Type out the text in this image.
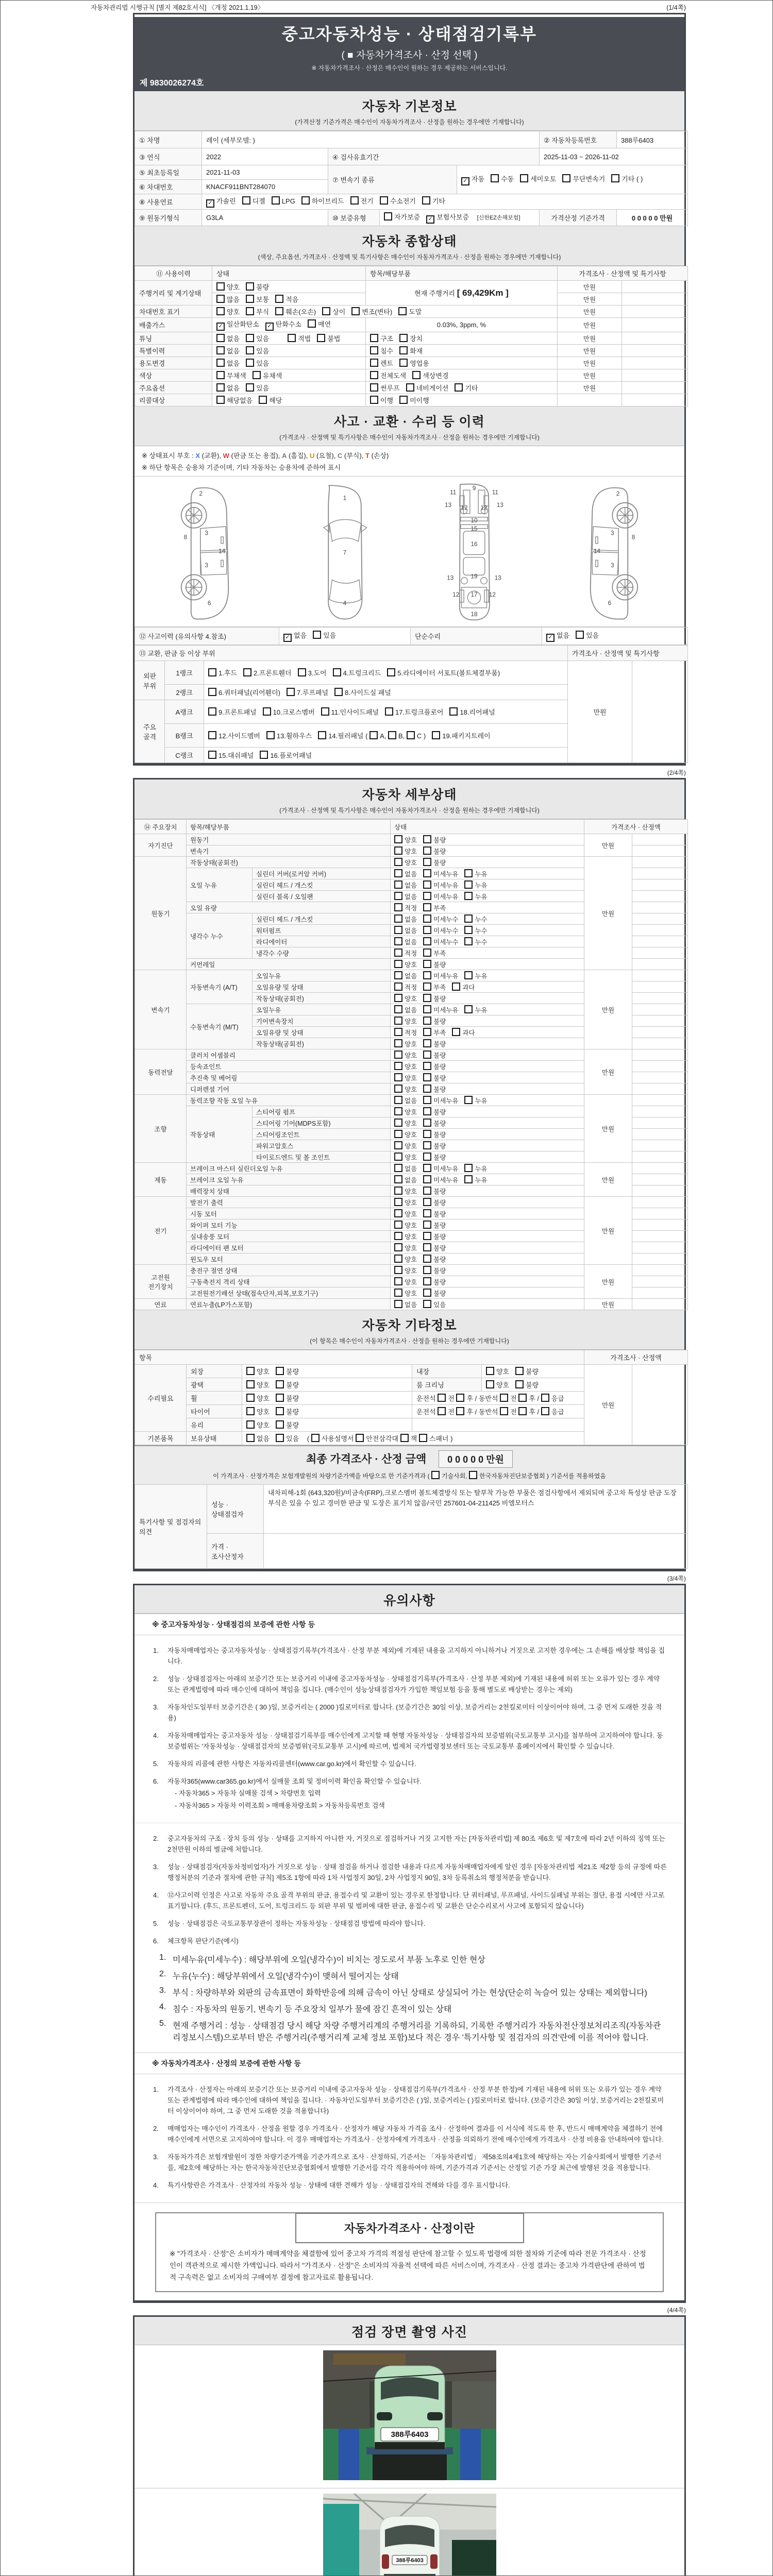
자동차관리법 시행규칙 [별지 제82호서식] 〈개정 2021.1.19〉	(1/4쪽)
중고자동차성능 · 상태점검기록부
( ■ 자동차가격조사 · 산정 선택 )
※ 자동차가격조사 · 산정은 매수인이 원하는 경우 제공하는 서비스입니다.
제 9830026274호
자동차 기본정보
(가격산정 기준가격은 매수인이 자동차가격조사 · 산정을 원하는 경우에만 기재합니다)
① 차명	레이 (세부모델: )				② 자동차등록번호	388루6403
③ 연식	2022	④ 검사유효기간			2025-11-03 ~ 2026-11-02	
⑤ 최초등록일	2021-11-03	⑦ 변속기 종류		✓ 자동 수동 세미오토 무단변속기 기타 ( )		
⑥ 차대번호	KNACF911BNT284070					
⑧ 사용연료	✓ 가솔린 디젤 LPG 하이브리드 전기 수소전기 기타					
⑨ 원동기형식	G3LA	⑩ 보증유형	자가보증 ✓ 보험사보증 [신한EZ손해보험]		가격산정 기준가격	0 0 0 0 0 만원
자동차 종합상태
(색상, 주요옵션, 가격조사 · 산정액 및 특기사항은 매수인이 자동차가격조사 · 산정을 원하는 경우에만 기재합니다)
⑪ 사용이력	상태	항목/해당부품	가격조사 · 산정액 및 특기사항	
주행거리 및 계기상태	양호 불량	현재 주행거리 [ 69,429Km ]	만원	
	많음 보통 적음		만원	
차대번호 표기	양호 부식 훼손(오손) 상이 변조(변타) 도말		만원	
배출가스	✓ 일산화탄소 ✓ 탄화수소 매연	0.03%, 3ppm, %	만원	
튜닝	없음 있음 적법 불법	구조 장치	만원	
특별이력	없음 있음	침수 화재	만원	
용도변경	없음 있음	렌트 영업용	만원	
색상	무채색 유채색	전체도색 색상변경	만원	
주요옵션	없음 있음	썬루프 네비게이션 기타	만원	
리콜대상	해당없음 해당	이행 미이행		
사고 · 교환 · 수리 등 이력
(가격조사 · 산정액 및 특기사항은 매수인이 자동차가격조사 · 산정을 원하는 경우에만 기재합니다)
※ 상태표시 부호 : X (교환), W (판금 또는 용접), A (흠집), U (요철), C (부식), T (손상)
※ 하단 항목은 승용차 기준이며, 기타 자동차는 승용차에 준하여 표시
2
8
3
3
14
6
1
7
4
9
11	11
13	13
12 12
10
15
16
19
13	13
12 17 12
18
2
8
3
3
14
6
⑫ 사고이력 (유의사항 4.참조)	✓ 없음 있음	단순수리	✓ 없음 있음
⑬ 교환, 판금 등 이상 부위			가격조사 · 산정액 및 특기사항	
외판 부위	1랭크	1.후드 2.프론트휀더 3.도어 4.트렁크리드 5.라디에이터 서포트(볼트체결부품)	만원	
	2랭크	6.쿼터패널(리어휀더) 7.루프패널 8.사이드실 패널		
주요 골격	A랭크	9.프론트패널 10.크로스멤버 11.인사이드패널 17.트렁크플로어 18.리어패널		
	B랭크	12.사이드멤버 13.휠하우스 14.필러패널 ( A, B, C ) 19.패키지트레이		
	C랭크	15.대쉬패널 16.플로어패널		
(2/4쪽)
자동차 세부상태
(가격조사 · 산정액 및 특기사항은 매수인이 자동차가격조사 · 산정을 원하는 경우에만 기재합니다)
⑭ 주요장치	항목/해당부품		상태	가격조사 · 산정액	
자기진단	원동기		양호 불량	만원	
	변속기		양호 불량		
원동기	작동상태(공회전)		양호 불량	만원	
	오일 누유	실린더 커버(로커암 커버)	없음 미세누유 누유		
		실린더 헤드 / 개스킷	없음 미세누유 누유		
		실린더 블록 / 오일팬	없음 미세누유 누유		
	오일 유량		적정 부족		
	냉각수 누수	실린더 헤드 / 개스킷	없음 미세누수 누수		
		워터펌프	없음 미세누수 누수		
		라디에이터	없음 미세누수 누수		
		냉각수 수량	적정 부족		
	커먼레일		양호 불량		
변속기	자동변속기 (A/T)	오일누유	없음 미세누유 누유	만원	
		오일유량 및 상태	적정 부족 과다		
		작동상태(공회전)	양호 불량		
	수동변속기 (M/T)	오일누유	없음 미세누유 누유		
		기어변속장치	양호 불량		
		오일유량 및 상태	적정 부족 과다		
		작동상태(공회전)	양호 불량		
동력전달	클러치 어셈블리		양호 불량	만원	
	등속죠인트		양호 불량		
	추진축 및 베어링		양호 불량		
	디퍼렌셜 기어		양호 불량		
조향	동력조향 작동 오일 누유		없음 미세누유 누유	만원	
	작동상태	스티어링 펌프	양호 불량		
		스티어링 기어(MDPS포함)	양호 불량		
		스티어링조인트	양호 불량		
		파워고압호스	양호 불량		
		타이로드엔드 및 볼 조인트	양호 불량		
제동	브레이크 마스터 실린더오일 누유		없음 미세누유 누유	만원	
	브레이크 오일 누유		없음 미세누유 누유		
	배력장치 상태		양호 불량		
전기	발전기 출력		양호 불량	만원	
	시동 모터		양호 불량		
	와이퍼 모터 기능		양호 불량		
	실내송풍 모터		양호 불량		
	라디에이터 팬 모터		양호 불량		
	윈도우 모터		양호 불량		
고전원 전기장치	충전구 절연 상태		양호 불량	만원	
	구동축전지 격리 상태		양호 불량		
	고전원전기배선 상태(접속단자,피복,보호기구)		양호 불량		
연료	연료누출(LP가스포함)		없음 있음	만원	
자동차 기타정보
(이 항목은 매수인이 자동차가격조사 · 산정을 원하는 경우에만 기재합니다)
항목					가격조사 · 산정액	
수리필요	외장	양호 불량	내장	양호 불량	만원	
	광택	양호 불량	룸 크리닝	양호 불량		
	휠	양호 불량	운전석 전 후 / 동반석 전 후 / 응급			
	타이어	양호 불량	운전석 전 후 / 동반석 전 후 / 응급			
	유리	양호 불량				
기본품목	보유상태	없음 있음 ( 사용설명서 안전삼각대 잭 스패너 )				
최종 가격조사 · 산정 금액 0 0 0 0 0 만원
이 가격조사 · 산정가격은 보험개발원의 차량기준가액을 바탕으로 한 기준가격과 ( 기술사회, 한국자동차진단보증협회 ) 기준서를 적용하였음
특기사항 및 점검자의 의견	성능 · 상태점검자	내차피해-1회 (643,320원)/비금속(FRP),크로스멤버 볼트체결방식 또는 탈부착 가능한 부품은 점검사항에서 제외되며 중고차 특성상 판금 도장 부식은 있을 수 있고 경미한 판금 및 도장은 표기치 않음/국민 257601-04-211425 비엠모터스
	가격 · 조사산정자	
(3/4쪽)
유의사항
※ 중고자동차성능 · 상태점검의 보증에 관한 사항 등
1. 자동차매매업자는 중고자동차성능 · 상태점검기록부(가격조사 · 산정 부분 제외)에 기재된 내용을 고지하지 아니하거나 거짓으로 고지한 경우에는 그 손해를 배상할 책임을 집니다.
2. 성능 · 상태점검자는 아래의 보증기간 또는 보증거리 이내에 중고자동차성능 · 상태점검기록부(가격조사 · 산정 부분 제외)에 기재된 내용에 허위 또는 오류가 있는 경우 계약 또는 관계법령에 따라 매수인에 대하여 책임을 집니다. (매수인이 성능상태점검자가 가입한 책임보험 등을 통해 별도로 배상받는 경우는 제외)
3. 자동차인도일부터 보증기간은 ( 30 )일, 보증거리는 ( 2000 )킬로미터로 합니다. (보증기간은 30일 이상, 보증거리는 2천킬로미터 이상이어야 하며, 그 중 먼저 도래한 것을 적용)
4. 자동차매매업자는 중고자동차 성능 · 상태점검기록부를 매수인에게 고지할 때 현행 자동차성능 · 상태점검자의 보증범위(국토교통부 고시)를 첨부하여 고지하여야 합니다. 동 보증범위는 '자동차성능 · 상태점검자의 보증범위'(국토교통부 고시)에 따르며, 법제처 국가법령정보센터 또는 국토교통부 홈페이지에서 확인할 수 있습니다.
5. 자동차의 리콜에 관한 사항은 자동차리콜센터(www.car.go.kr)에서 확인할 수 있습니다.
6. 자동차365(www.car365.go.kr)에서 실매물 조회 및 정비이력 확인을 확인할 수 있습니다.
- 자동차365 > 자동차 실매물 검색 > 차량번호 입력
- 자동차365 > 자동차 이력조회 > 매매용차량조회 > 자동차등록번호 검색
2. 중고자동차의 구조 · 장치 등의 성능 · 상태를 고지하지 아니한 자, 거짓으로 점검하거나 거짓 고지한 자는 [자동차관리법] 제 80조 제6호 및 제7호에 따라 2년 이하의 징역 또는 2천만원 이하의 벌금에 처합니다.
3. 성능 · 상태점검자(자동차정비업자)가 거짓으로 성능 · 상태 점검을 하거나 점검한 내용과 다르게 자동차매매업자에게 알린 경우 [자동차관리법 제21조 제2항 등의 규정에 따른 행정처분의 기준과 절차에 관한 규칙] 제5조 1항에 따라 1차 사업정지 30일, 2차 사업정지 90일, 3차 등록취소의 행정처분을 받습니다.
4. ⑫사고이력 인정은 사고로 자동차 주요 골격 부위의 판금, 용접수리 및 교환이 있는 경우로 한정합니다. 단 쿼터패널, 루프패널, 사이드실패널 부위는 절단, 용접 시에만 사고로 표기합니다. (후드, 프론트펜더, 도어, 트렁크리드 등 외판 부위 및 범퍼에 대한 판금, 용접수리 및 교환은 단순수리로서 사고에 포함되지 않습니다)
5. 성능 · 상태점검은 국토교통부장관이 정하는 자동차성능 · 상태점검 방법에 따라야 합니다.
6. 체크항목 판단기준(예시)
1. 미세누유(미세누수) : 해당부위에 오일(냉각수)이 비치는 정도로서 부품 노후로 인한 현상
2. 누유(누수) : 해당부위에서 오일(냉각수)이 맺혀서 떨어지는 상태
3. 부식 : 차량하부와 외판의 금속표면이 화학반응에 의해 금속이 아닌 상태로 상실되어 가는 현상(단순히 녹슬어 있는 상태는 제외합니다)
4. 침수 : 자동차의 원동기, 변속기 등 주요장치 일부가 물에 잠긴 흔적이 있는 상태
5. 현재 주행거리 : 성능 · 상태점검 당시 해당 차량 주행거리계의 주행거리를 기록하되, 기록한 주행거리가 자동차전산정보처리조직(자동차관리정보시스템)으로부터 받은 주행거리(주행거리계 교체 정보 포함)보다 적은 경우 '특기사항 및 점검자의 의견'란에 이를 적어야 합니다.
※ 자동차가격조사 · 산정의 보증에 관한 사항 등
1. 가격조사 · 산정자는 아래의 보증기간 또는 보증거리 이내에 중고자동차 성능 · 상태점검기록부(가격조사 · 산정 부분 한정)에 기재된 내용에 허위 또는 오류가 있는 경우 계약 또는 관계법령에 따라 매수인에 대하여 책임을 집니다. · 자동차인도일부터 보증기간은 ( )일, 보증거리는 ( )킬로미터로 합니다. (보증기간은 30일 이상, 보증거리는 2천킬로미터 이상이어야 하며, 그 중 먼저 도래한 것을 적용합니다)
2. 매매업자는 매수인이 가격조사 · 산정을 원할 경우 가격조사 · 산정자가 해당 자동차 가격을 조사 · 산정하여 결과를 이 서식에 적도록 한 후, 반드시 매매계약을 체결하기 전에 매수인에게 서면으로 고지하여야 합니다. 이 경우 매매업자는 가격조사 · 산정자에게 가격조사 · 산정을 의뢰하기 전에 매수인에게 가격조사 · 산정 비용을 안내하여야 합니다.
3. 자동차가격은 보험개발원이 정한 차량기준가액을 기준가격으로 조사 · 산정하되, 기준서는 「자동차관리법」 제58조의4제1호에 해당하는 자는 기술사회에서 발행한 기준서를, 제2호에 해당하는 자는 한국자동차진단보증협회에서 발행한 기준서를 각각 적용하여야 하며, 기준가격과 기준서는 산정일 기준 가장 최근에 발행된 것을 적용합니다.
4. 특기사항란은 가격조사 · 산정자의 자동차 성능 · 상태에 대한 견해가 성능 · 상태점검자의 견해와 다를 경우 표시합니다.
자동차가격조사 · 산정이란
※ "가격조사 · 산정"은 소비자가 매매계약을 체결함에 있어 중고차 가격의 적절성 판단에 참고할 수 있도록 법령에 의한 절차와 기준에 따라 전문 가격조사 · 산정인이 객관적으로 제시한 가액입니다. 따라서 "가격조사 · 산정"은 소비자의 자율적 선택에 따른 서비스이며, 가격조사 · 산정 결과는 중고차 가격판단에 관하여 법적 구속력은 없고 소비자의 구매여부 결정에 참고자료로 활용됩니다.
(4/4쪽)
점검 장면 촬영 사진
388루6403
388루6403
